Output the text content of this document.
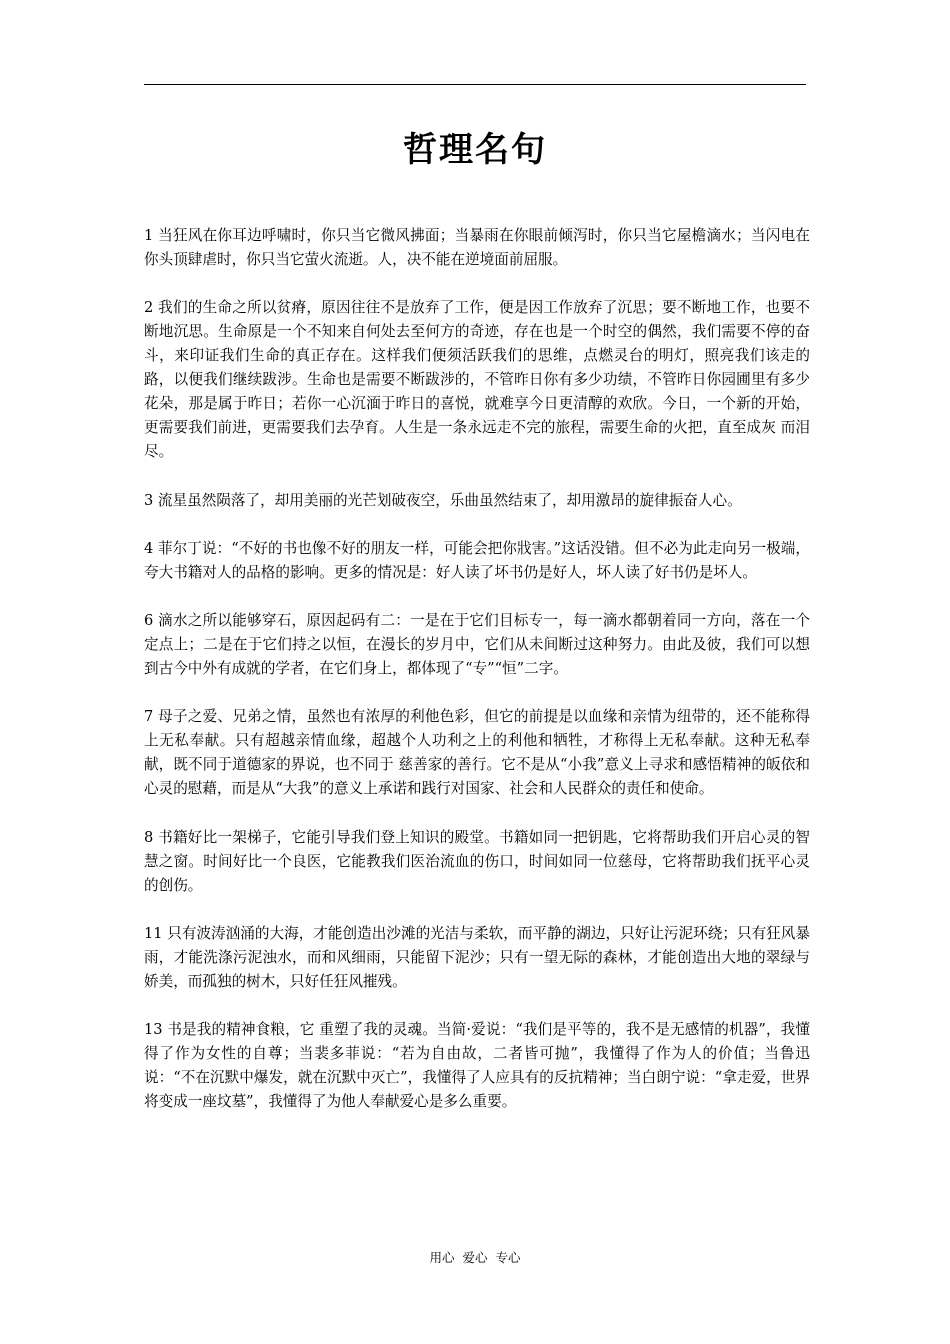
哲理名句

1 当狂风在你耳边呼啸时，你只当它微风拂面；当暴雨在你眼前倾泻时，你只当它屋檐滴水；当闪电在你头顶肆虐时，你只当它萤火流逝。人，决不能在逆境面前屈服。

2 我们的生命之所以贫瘠，原因往往不是放弃了工作，便是因工作放弃了沉思；要不断地工作，也要不断地沉思。生命原是一个不知来自何处去至何方的奇迹，存在也是一个时空的偶然，我们需要不停的奋斗，来印证我们生命的真正存在。这样我们便须活跃我们的思维，点燃灵台的明灯，照亮我们该走的路，以便我们继续跋涉。生命也是需要不断跋涉的，不管昨日你有多少功绩，不管昨日你园圃里有多少花朵，那是属于昨日；若你一心沉湎于昨日的喜悦，就难享今日更清醇的欢欣。今日，一个新的开始，更需要我们前进，更需要我们去孕育。人生是一条永远走不完的旅程，需要生命的火把，直至成灰 而泪 尽。

3 流星虽然陨落了，却用美丽的光芒划破夜空，乐曲虽然结束了，却用激昂的旋律振奋人心。

4 菲尔丁说：“不好的书也像不好的朋友一样，可能会把你戕害。”这话没错。但不必为此走向另一极端，夸大书籍对人的品格的影响。更多的情况是：好人读了坏书仍是好人，坏人读了好书仍是坏人。

6 滴水之所以能够穿石，原因起码有二：一是在于它们目标专一，每一滴水都朝着同一方向，落在一个定点上；二是在于它们持之以恒，在漫长的岁月中，它们从未间断过这种努力。由此及彼，我们可以想到古今中外有成就的学者，在它们身上，都体现了“专”“恒”二字。

7 母子之爱、兄弟之情，虽然也有浓厚的利他色彩，但它的前提是以血缘和亲情为纽带的，还不能称得上无私奉献。只有超越亲情血缘，超越个人功利之上的利他和牺牲，才称得上无私奉献。这种无私奉献，既不同于道德家的界说，也不同于 慈善家的善行。它不是从“小我”意义上寻求和感悟精神的皈依和心灵的慰藉，而是从“大我”的意义上承诺和践行对国家、社会和人民群众的责任和使命。

8 书籍好比一架梯子，它能引导我们登上知识的殿堂。书籍如同一把钥匙，它将帮助我们开启心灵的智慧之窗。时间好比一个良医，它能教我们医治流血的伤口，时间如同一位慈母，它将帮助我们抚平心灵的创伤。

11 只有波涛汹涌的大海，才能创造出沙滩的光洁与柔软，而平静的湖边，只好让污泥环绕；只有狂风暴雨，才能洗涤污泥浊水，而和风细雨，只能留下泥沙；只有一望无际的森林，才能创造出大地的翠绿与娇美，而孤独的树木，只好任狂风摧残。

13 书是我的精神食粮，它 重塑了我的灵魂。当简·爱说：“我们是平等的，我不是无感情的机器”，我懂得了作为女性的自尊；当裴多菲说：“若为自由故，二者皆可抛”，我懂得了作为人的价值；当鲁迅说：“不在沉默中爆发，就在沉默中灭亡”，我懂得了人应具有的反抗精神；当白朗宁说：“拿走爱，世界将变成一座坟墓”，我懂得了为他人奉献爱心是多么重要。

用心  爱心  专心
